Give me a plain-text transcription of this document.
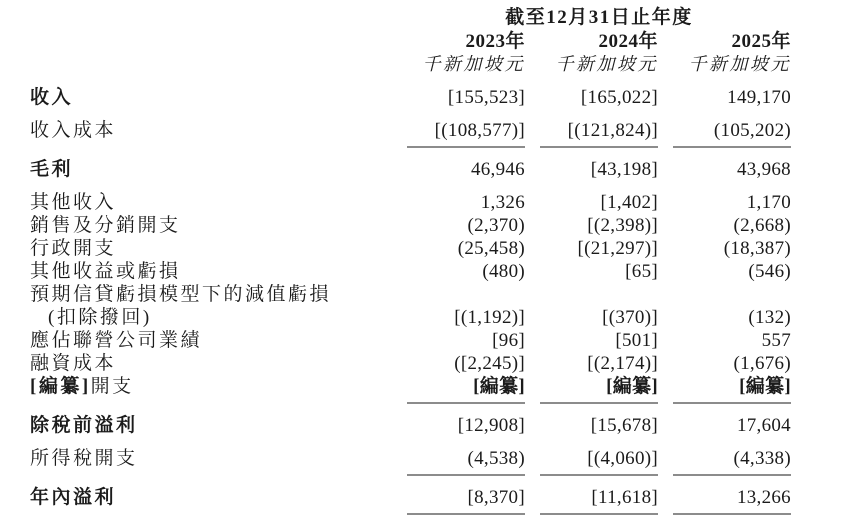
截至12月31日止年度
2023年	2024年	2025年
千新加坡元	千新加坡元	千新加坡元
收入	[155,523]	[165,022]	149,170
收入成本	[(108,577)]	[(121,824)]	(105,202)
毛利	46,946	[43,198]	43,968
其他收入	1,326	[1,402]	1,170
銷售及分銷開支	(2,370)	[(2,398)]	(2,668)
行政開支	(25,458)	[(21,297)]	(18,387)
其他收益或虧損	(480)	[65]	(546)
預期信貸虧損模型下的減值虧損
(扣除撥回)	[(1,192)]	[(370)]	(132)
應佔聯營公司業績	[96]	[501]	557
融資成本	([2,245)]	[(2,174)]	(1,676)
[編纂]開支	[編纂]	[編纂]	[編纂]
除稅前溢利	[12,908]	[15,678]	17,604
所得稅開支	(4,538)	[(4,060)]	(4,338)
年內溢利	[8,370]	[11,618]	13,266
